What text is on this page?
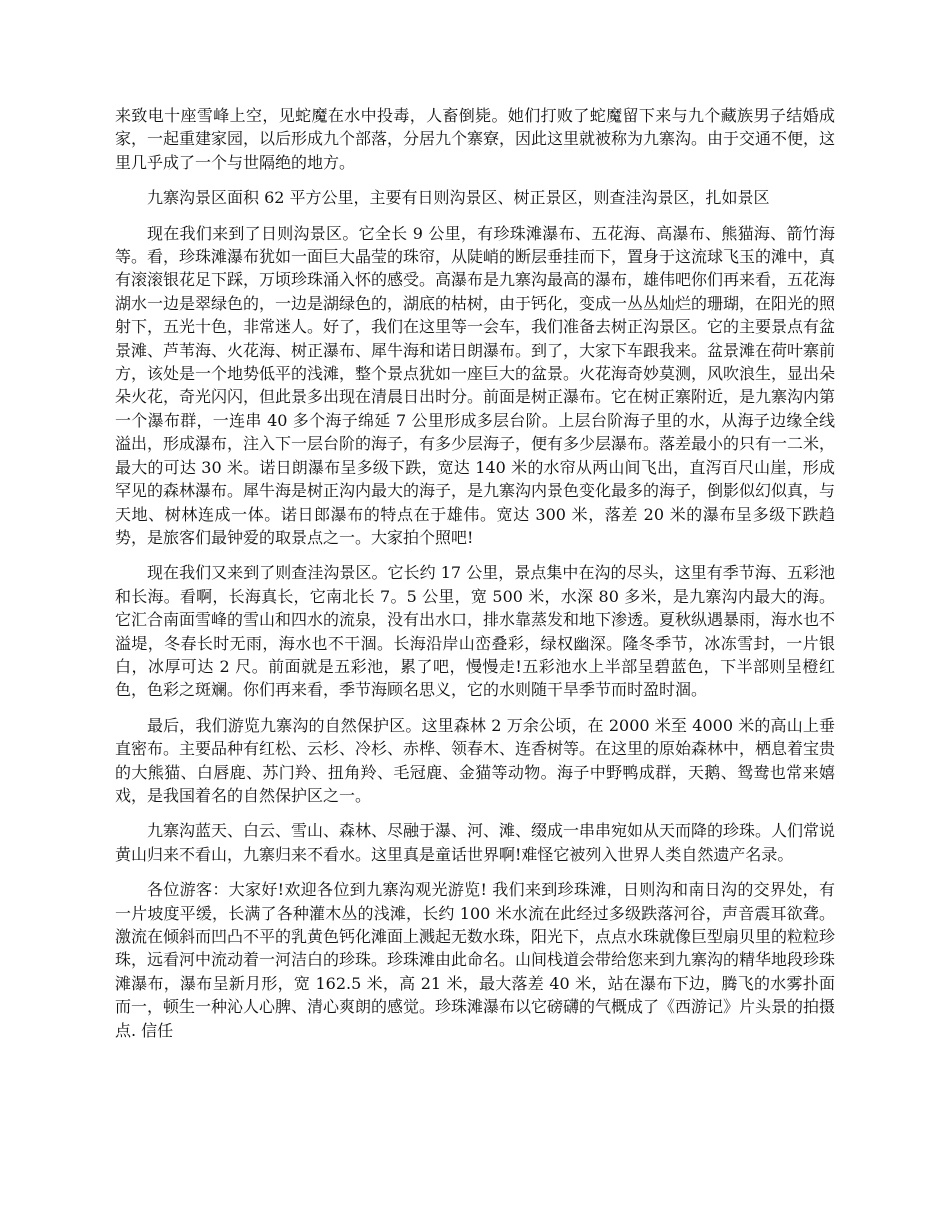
来致电十座雪峰上空，见蛇魔在水中投毒，人畜倒毙。她们打败了蛇魔留下来与九个藏族男子结婚成家，一起重建家园，以后形成九个部落，分居九个寨寮，因此这里就被称为九寨沟。由于交通不便，这里几乎成了一个与世隔绝的地方。

九寨沟景区面积 62 平方公里，主要有日则沟景区、树正景区，则查洼沟景区，扎如景区

现在我们来到了日则沟景区。它全长 9 公里，有珍珠滩瀑布、五花海、高瀑布、熊猫海、箭竹海等。看，珍珠滩瀑布犹如一面巨大晶莹的珠帘，从陡峭的断层垂挂而下，置身于这流球飞玉的滩中，真有滚滚银花足下踩，万顷珍珠涌入怀的感受。高瀑布是九寨沟最高的瀑布，雄伟吧你们再来看，五花海湖水一边是翠绿色的，一边是湖绿色的，湖底的枯树，由于钙化，变成一丛丛灿烂的珊瑚，在阳光的照射下，五光十色，非常迷人。好了，我们在这里等一会车，我们准备去树正沟景区。它的主要景点有盆景滩、芦苇海、火花海、树正瀑布、犀牛海和诺日朗瀑布。到了，大家下车跟我来。盆景滩在荷叶寨前方，该处是一个地势低平的浅滩，整个景点犹如一座巨大的盆景。火花海奇妙莫测，风吹浪生，显出朵朵火花，奇光闪闪，但此景多出现在清晨日出时分。前面是树正瀑布。它在树正寨附近，是九寨沟内第一个瀑布群，一连串 40 多个海子绵延 7 公里形成多层台阶。上层台阶海子里的水，从海子边缘全线溢出，形成瀑布，注入下一层台阶的海子，有多少层海子，便有多少层瀑布。落差最小的只有一二米，最大的可达 30 米。诺日朗瀑布呈多级下跌，宽达 140 米的水帘从两山间飞出，直泻百尺山崖，形成罕见的森林瀑布。犀牛海是树正沟内最大的海子，是九寨沟内景色变化最多的海子，倒影似幻似真，与天地、树林连成一体。诺日郎瀑布的特点在于雄伟。宽达 300 米，落差 20 米的瀑布呈多级下跌趋势，是旅客们最钟爱的取景点之一。大家拍个照吧!

现在我们又来到了则查洼沟景区。它长约 17 公里，景点集中在沟的尽头，这里有季节海、五彩池和长海。看啊，长海真长，它南北长 7。5 公里，宽 500 米，水深 80 多米，是九寨沟内最大的海。它汇合南面雪峰的雪山和四水的流泉，没有出水口，排水靠蒸发和地下渗透。夏秋纵遇暴雨，海水也不溢堤，冬春长时无雨，海水也不干涸。长海沿岸山峦叠彩，绿权幽深。隆冬季节，冰冻雪封，一片银白，冰厚可达 2 尺。前面就是五彩池，累了吧，慢慢走!五彩池水上半部呈碧蓝色，下半部则呈橙红色，色彩之斑斓。你们再来看，季节海顾名思义，它的水则随干旱季节而时盈时涸。

最后，我们游览九寨沟的自然保护区。这里森林 2 万余公顷，在 2000 米至 4000 米的高山上垂直密布。主要品种有红松、云杉、冷杉、赤桦、领春木、连香树等。在这里的原始森林中，栖息着宝贵的大熊猫、白唇鹿、苏门羚、扭角羚、毛冠鹿、金猫等动物。海子中野鸭成群，天鹅、鸳鸯也常来嬉戏，是我国着名的自然保护区之一。

九寨沟蓝天、白云、雪山、森林、尽融于瀑、河、滩、缀成一串串宛如从天而降的珍珠。人们常说黄山归来不看山，九寨归来不看水。这里真是童话世界啊!难怪它被列入世界人类自然遗产名录。

各位游客：大家好!欢迎各位到九寨沟观光游览! 我们来到珍珠滩，日则沟和南日沟的交界处，有一片坡度平缓，长满了各种灌木丛的浅滩，长约 100 米水流在此经过多级跌落河谷，声音震耳欲聋。激流在倾斜而凹凸不平的乳黄色钙化滩面上溅起无数水珠，阳光下，点点水珠就像巨型扇贝里的粒粒珍珠，远看河中流动着一河洁白的珍珠。珍珠滩由此命名。山间栈道会带给您来到九寨沟的精华地段珍珠滩瀑布，瀑布呈新月形，宽 162.5 米，高 21 米，最大落差 40 米，站在瀑布下边，腾飞的水雾扑面而一，顿生一种沁人心脾、清心爽朗的感觉。珍珠滩瀑布以它磅礴的气概成了《西游记》片头景的拍摄点. 信任
